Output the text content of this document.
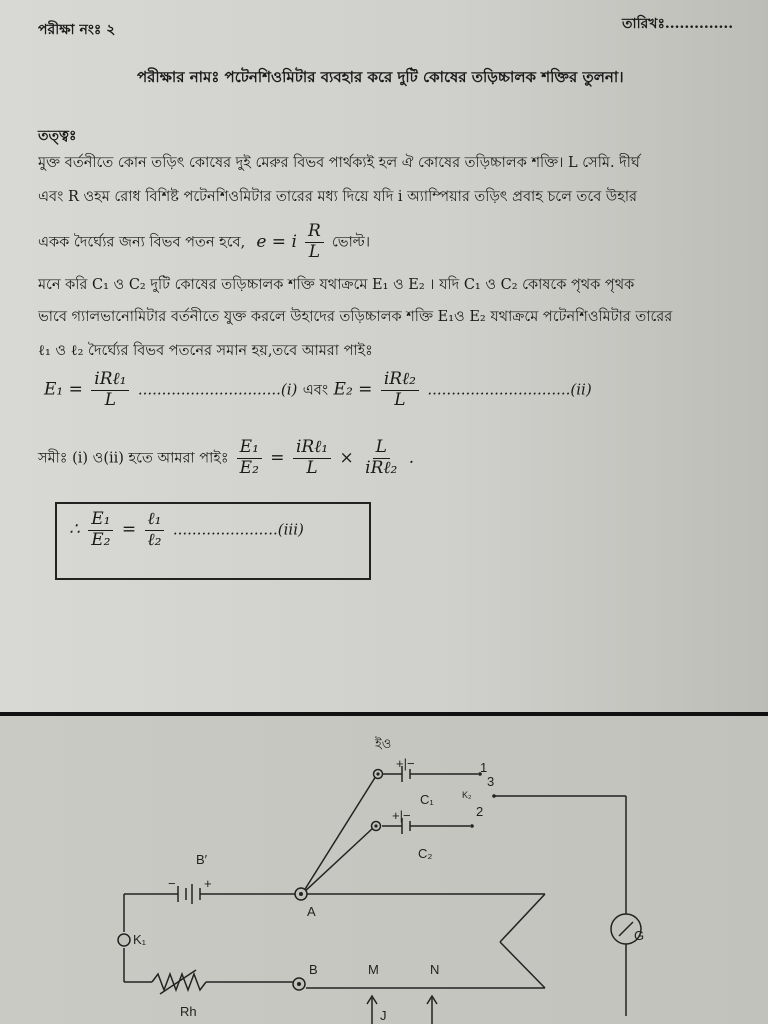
পরীক্ষা নংঃ ২	তারিখঃ..............
পরীক্ষার নামঃ পটেনশিওমিটার ব্যবহার করে দুটি কোষের তড়িচ্চালক শক্তির তুলনা।
তত্ত্বঃ
মুক্ত বর্তনীতে কোন তড়িৎ কোষের দুই মেরুর বিভব পার্থক্যই হল ঐ কোষের তড়িচ্চালক শক্তি। L সেমি. দীর্ঘ
এবং R ওহম রোধ বিশিষ্ট পটেনশিওমিটার তারের মধ্য দিয়ে যদি i অ্যাম্পিয়ার তড়িৎ প্রবাহ চলে তবে উহার
একক দৈর্ঘ্যের জন্য বিভব পতন হবে, e = i $\frac{R}{L}$ ভোল্ট।
মনে করি C₁ ও C₂ দুটি কোষের তড়িচ্চালক শক্তি যথাক্রমে E₁ ও E₂ । যদি C₁ ও C₂ কোষকে পৃথক পৃথক
ভাবে গ্যালভানোমিটার বর্তনীতে যুক্ত করলে উহাদের তড়িচ্চালক শক্তি E₁ও E₂ যথাক্রমে পটেনশিওমিটার তারের
ℓ₁ ও ℓ₂ দৈর্ঘ্যের বিভব পতনের সমান হয়,তবে আমরা পাইঃ
$E_1 = \frac{\text{iRℓ₁}}{L} ..............................(i)$ এবং $E_2 = \frac{\text{iRℓ₂}}{L} ..............................(ii)$
সমীঃ (i) ও(ii) হতে আমরা পাইঃ $\frac{\text{E₁}}{\text{E₂}} = \frac{\text{iRℓ₁}}{L} \times \frac{L}{\text{iRℓ₂}}$ .
∴ $\frac{\text{E₁}}{\text{E₂}} = \frac{\text{ℓ₁}}{\text{ℓ₂}} ......................(iii)$
ইও
+|−
C₁
+|−
C₂
1
3
2
K₂
B′
− +
A
B	M	N
G
K₁
Rh	J
